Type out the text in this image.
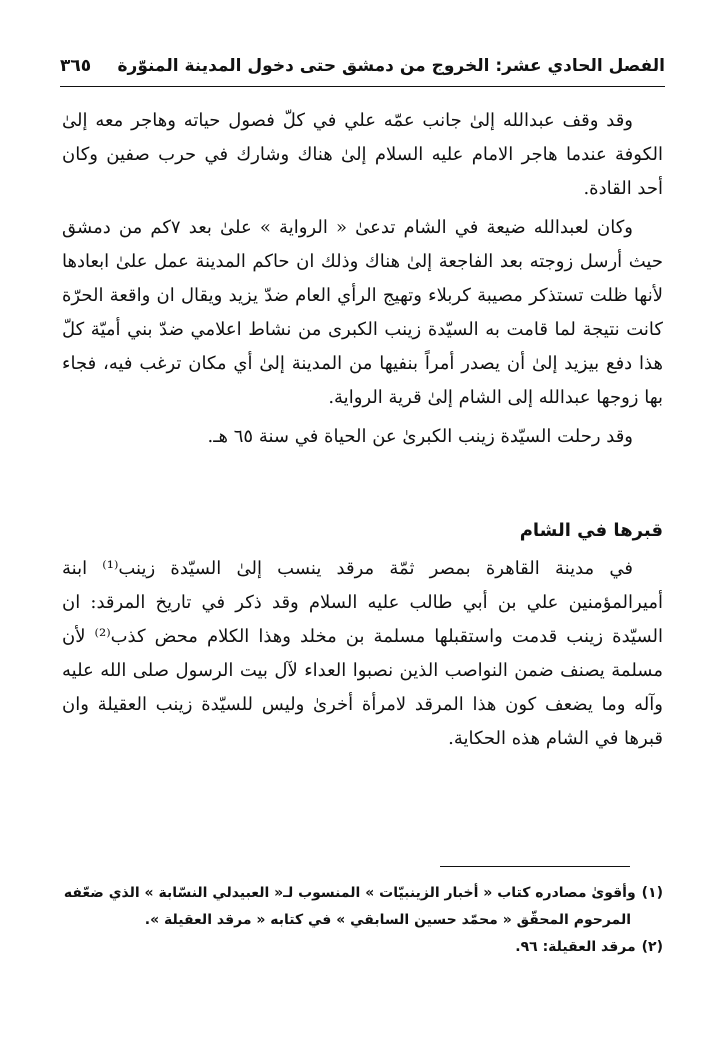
الفصل الحادي عشر: الخروج من دمشق حتى دخول المدينة المنوّرة
٣٦٥

وقد وقف عبدالله إلىٰ جانب عمّه علي في كلّ فصول حياته وهاجر معه إلىٰ الكوفة عندما هاجر الامام عليه السلام إلىٰ هناك وشارك في حرب صفين وكان أحد القادة.

وكان لعبدالله ضيعة في الشام تدعىٰ « الرواية » علىٰ بعد ٧كم من دمشق حيث أرسل زوجته بعد الفاجعة إلىٰ هناك وذلك ان حاكم المدينة عمل علىٰ ابعادها لأنها ظلت تستذكر مصيبة كربلاء وتهيج الرأي العام ضدّ يزيد ويقال ان واقعة الحرّة كانت نتيجة لما قامت به السيّدة زينب الكبرى من نشاط اعلامي ضدّ بني أميّة كلّ هذا دفع بيزيد إلىٰ أن يصدر أمراً بنفيها من المدينة إلىٰ أي مكان ترغب فيه، فجاء بها زوجها عبدالله إلى الشام إلىٰ قرية الرواية.

وقد رحلت السيّدة زينب الكبرىٰ عن الحياة في سنة ٦٥ هـ.

قبرها في الشام

في مدينة القاهرة بمصر ثمّة مرقد ينسب إلىٰ السيّدة زينب⁽¹⁾ ابنة أميرالمؤمنين علي بن أبي طالب عليه السلام وقد ذكر في تاريخ المرقد: ان السيّدة زينب قدمت واستقبلها مسلمة بن مخلد وهذا الكلام محض كذب⁽²⁾ لأن مسلمة يصنف ضمن النواصب الذين نصبوا العداء لآل بيت الرسول صلى الله عليه وآله وما يضعف كون هذا المرقد لامرأة أخرىٰ وليس للسيّدة زينب العقيلة وان قبرها في الشام هذه الحكاية.

(١)وأقوىٰ مصادره كتاب « أخبار الزينبيّات » المنسوب لـ« العبيدلي النسّابة » الذي ضعّفه
المرحوم المحقّق « محمّد حسين السابقي » في كتابه « مرقد العقيلة ».
(٢)مرقد العقيلة: ٩٦.
